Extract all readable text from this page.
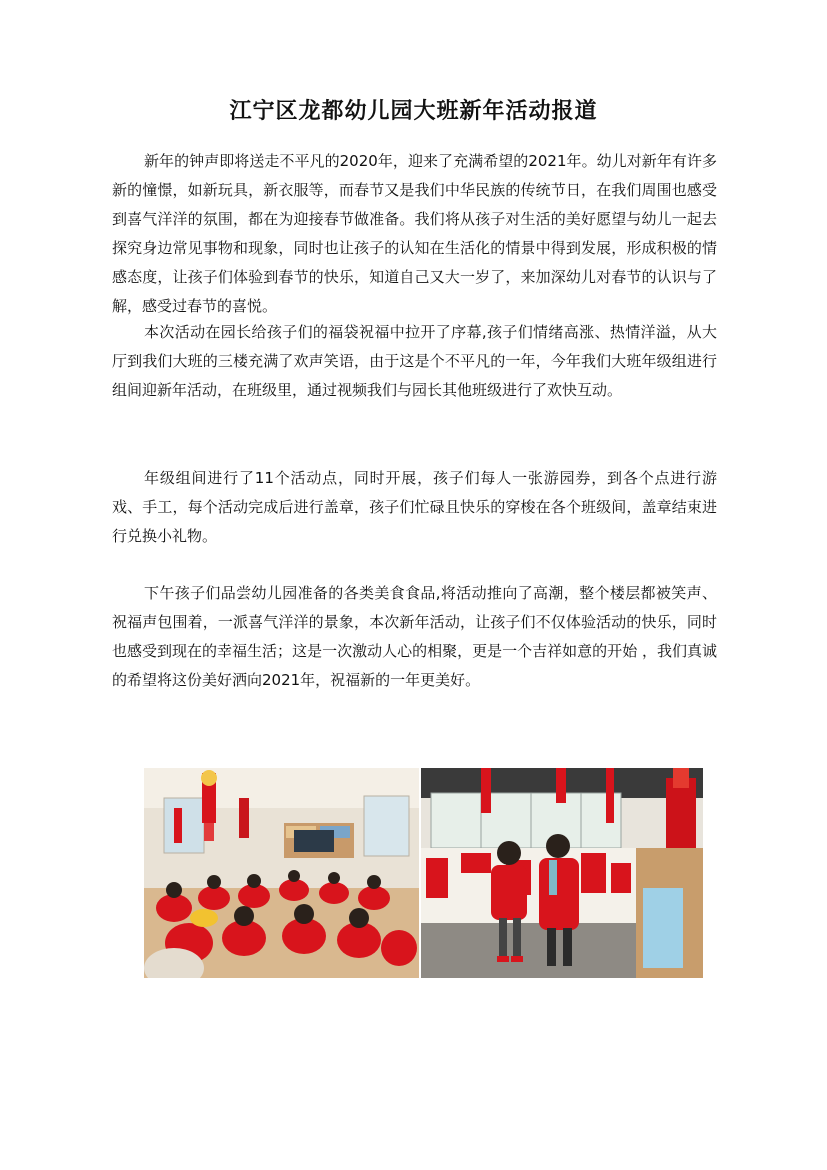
江宁区龙都幼儿园大班新年活动报道

新年的钟声即将送走不平凡的2020年，迎来了充满希望的2021年。幼儿对新年有许多新的憧憬，如新玩具，新衣服等，而春节又是我们中华民族的传统节日，在我们周围也感受到喜气洋洋的氛围，都在为迎接春节做准备。我们将从孩子对生活的美好愿望与幼儿一起去探究身边常见事物和现象，同时也让孩子的认知在生活化的情景中得到发展，形成积极的情感态度，让孩子们体验到春节的快乐，知道自己又大一岁了，来加深幼儿对春节的认识与了解，感受过春节的喜悦。

本次活动在园长给孩子们的福袋祝福中拉开了序幕,孩子们情绪高涨、热情洋溢，从大厅到我们大班的三楼充满了欢声笑语，由于这是个不平凡的一年，今年我们大班年级组进行组间迎新年活动，在班级里，通过视频我们与园长其他班级进行了欢快互动。

年级组间进行了11个活动点，同时开展，孩子们每人一张游园券，到各个点进行游戏、手工，每个活动完成后进行盖章，孩子们忙碌且快乐的穿梭在各个班级间，盖章结束进行兑换小礼物。

下午孩子们品尝幼儿园准备的各类美食食品,将活动推向了高潮，整个楼层都被笑声、祝福声包围着，一派喜气洋洋的景象，本次新年活动，让孩子们不仅体验活动的快乐，同时也感受到现在的幸福生活；这是一次激动人心的相聚，更是一个吉祥如意的开始 ，我们真诚的希望将这份美好洒向2021年，祝福新的一年更美好。
